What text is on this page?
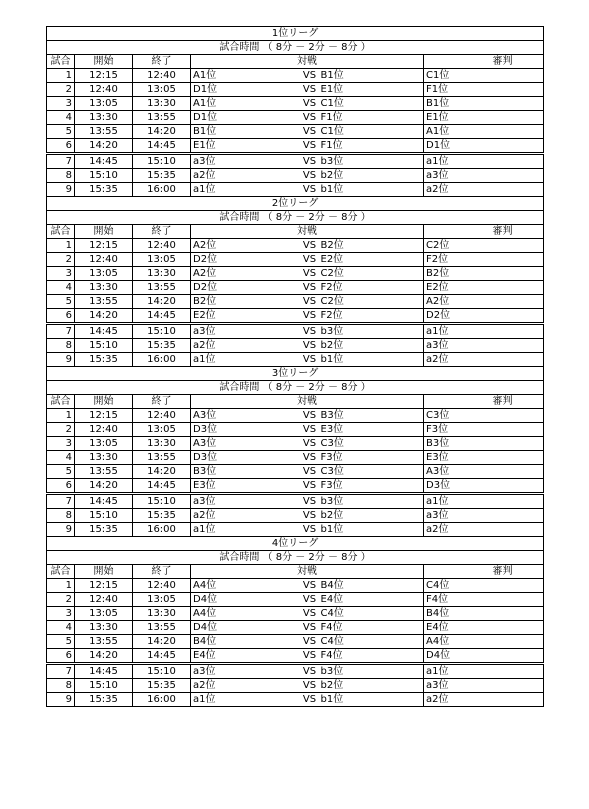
1位リーグ						
試合時間 （ 8分 － 2分 － 8分 ）						
試合	開始	終了	対戦			審判
1	12:15	12:40	A1位	VS	B1位	C1位
2	12:40	13:05	D1位	VS	E1位	F1位
3	13:05	13:30	A1位	VS	C1位	B1位
4	13:30	13:55	D1位	VS	F1位	E1位
5	13:55	14:20	B1位	VS	C1位	A1位
6	14:20	14:45	E1位	VS	F1位	D1位
7	14:45	15:10	a3位	VS	b3位	a1位
8	15:10	15:35	a2位	VS	b2位	a3位
9	15:35	16:00	a1位	VS	b1位	a2位
2位リーグ						
試合時間 （ 8分 － 2分 － 8分 ）						
試合	開始	終了	対戦			審判
1	12:15	12:40	A2位	VS	B2位	C2位
2	12:40	13:05	D2位	VS	E2位	F2位
3	13:05	13:30	A2位	VS	C2位	B2位
4	13:30	13:55	D2位	VS	F2位	E2位
5	13:55	14:20	B2位	VS	C2位	A2位
6	14:20	14:45	E2位	VS	F2位	D2位
7	14:45	15:10	a3位	VS	b3位	a1位
8	15:10	15:35	a2位	VS	b2位	a3位
9	15:35	16:00	a1位	VS	b1位	a2位
3位リーグ						
試合時間 （ 8分 － 2分 － 8分 ）						
試合	開始	終了	対戦			審判
1	12:15	12:40	A3位	VS	B3位	C3位
2	12:40	13:05	D3位	VS	E3位	F3位
3	13:05	13:30	A3位	VS	C3位	B3位
4	13:30	13:55	D3位	VS	F3位	E3位
5	13:55	14:20	B3位	VS	C3位	A3位
6	14:20	14:45	E3位	VS	F3位	D3位
7	14:45	15:10	a3位	VS	b3位	a1位
8	15:10	15:35	a2位	VS	b2位	a3位
9	15:35	16:00	a1位	VS	b1位	a2位
4位リーグ						
試合時間 （ 8分 － 2分 － 8分 ）						
試合	開始	終了	対戦			審判
1	12:15	12:40	A4位	VS	B4位	C4位
2	12:40	13:05	D4位	VS	E4位	F4位
3	13:05	13:30	A4位	VS	C4位	B4位
4	13:30	13:55	D4位	VS	F4位	E4位
5	13:55	14:20	B4位	VS	C4位	A4位
6	14:20	14:45	E4位	VS	F4位	D4位
7	14:45	15:10	a3位	VS	b3位	a1位
8	15:10	15:35	a2位	VS	b2位	a3位
9	15:35	16:00	a1位	VS	b1位	a2位
